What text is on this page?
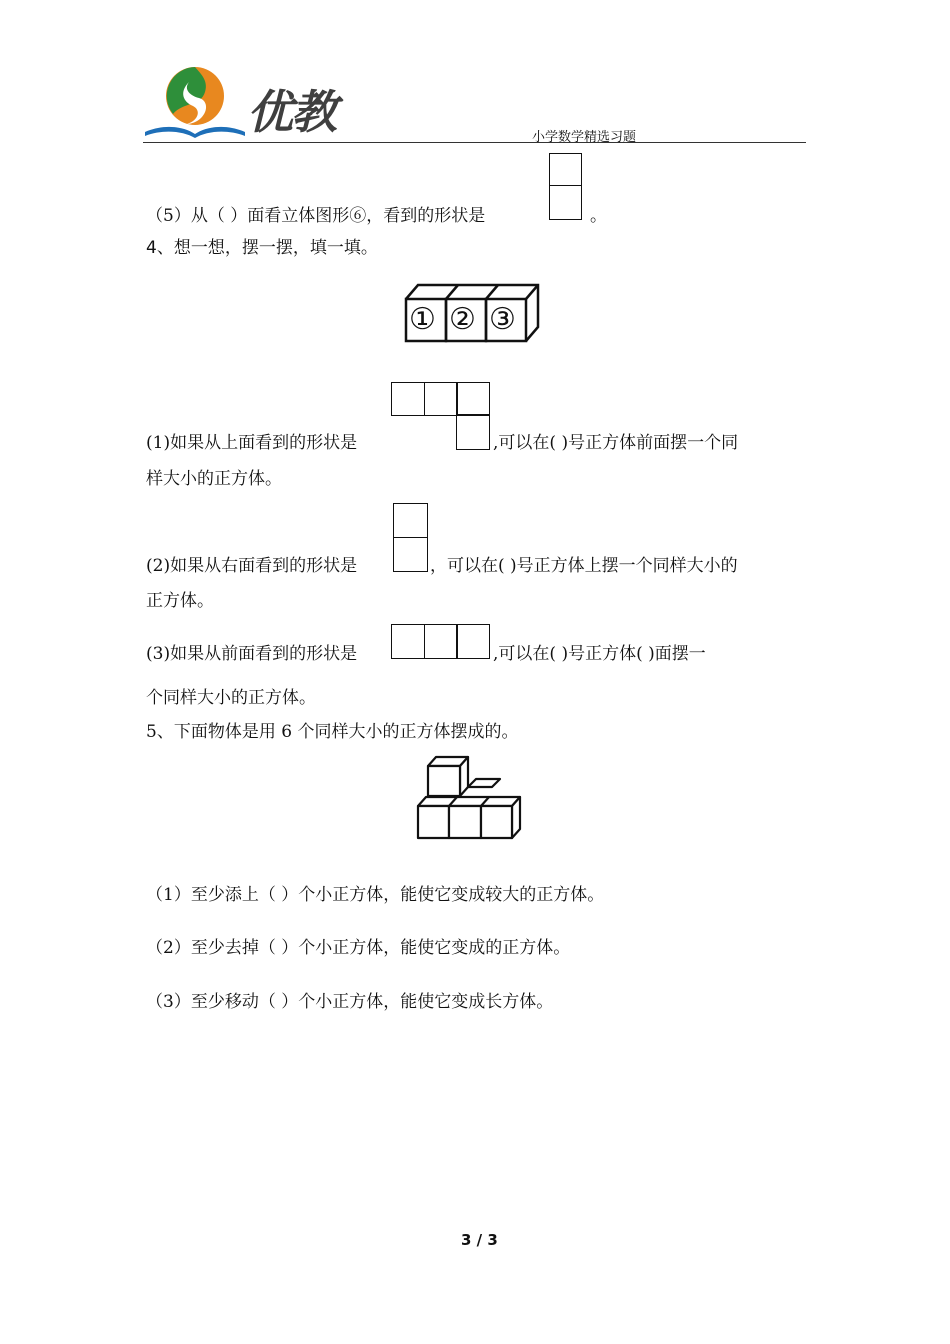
优教	小学数学精选习题
（5）从（ ）面看立体图形⑥，看到的形状是	。
4、想一想，摆一摆，填一填。
① ② ③
(1)如果从上面看到的形状是	,可以在( )号正方体前面摆一个同
样大小的正方体。
(2)如果从右面看到的形状是	，可以在( )号正方体上摆一个同样大小的
正方体。
(3)如果从前面看到的形状是	,可以在( )号正方体( )面摆一
个同样大小的正方体。
5、下面物体是用 6 个同样大小的正方体摆成的。
（1）至少添上（ ）个小正方体，能使它变成较大的正方体。
（2）至少去掉（ ）个小正方体，能使它变成的正方体。
（3）至少移动（ ）个小正方体，能使它变成长方体。
3 / 3
